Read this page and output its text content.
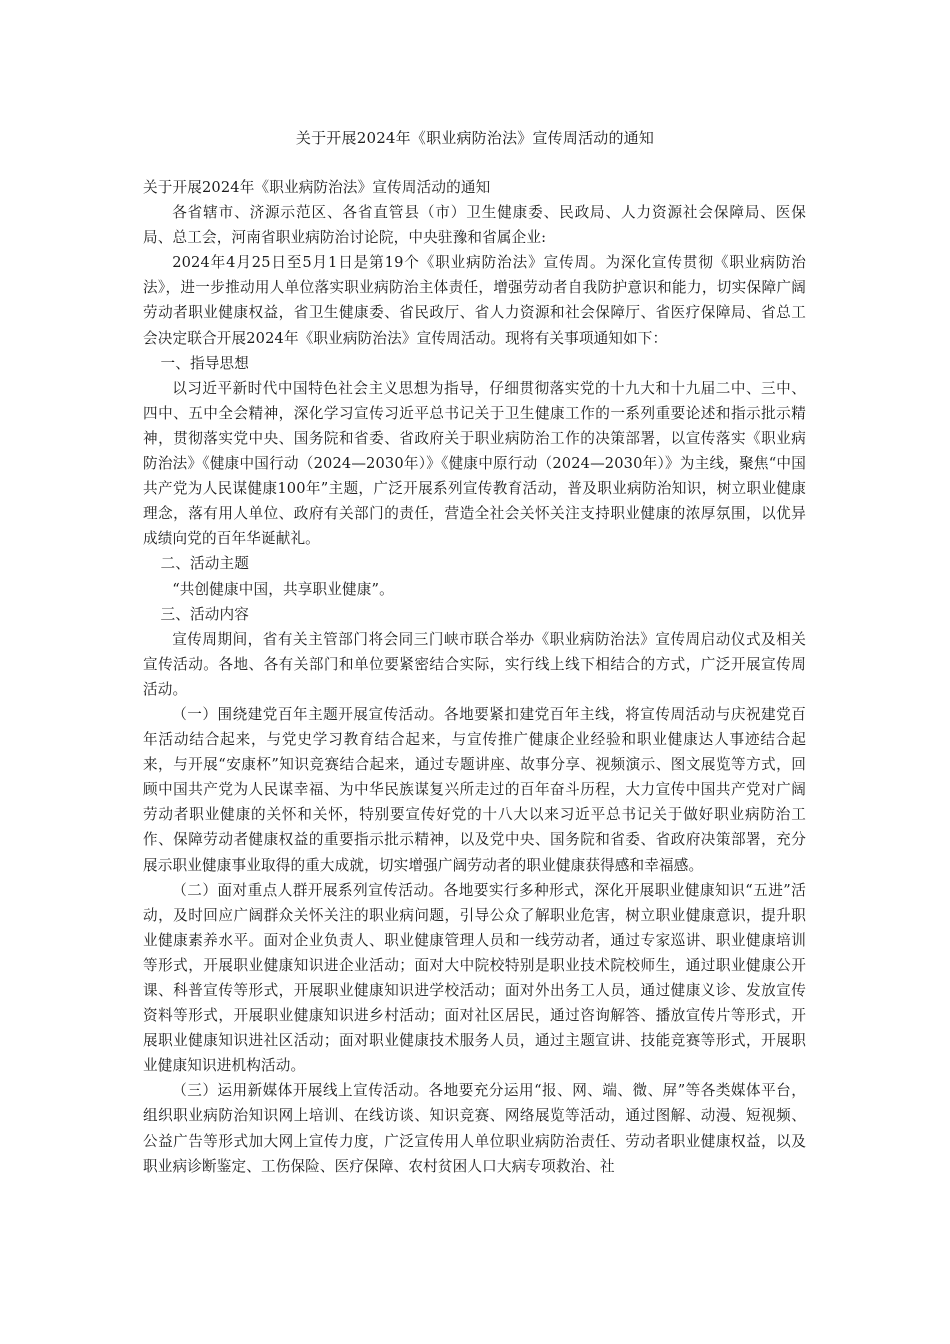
关于开展2024年《职业病防治法》宣传周活动的通知

关于开展2024年《职业病防治法》宣传周活动的通知

各省辖市、济源示范区、各省直管县（市）卫生健康委、民政局、人力资源社会保障局、医保局、总工会，河南省职业病防治讨论院，中央驻豫和省属企业:

2024年4月25日至5月1日是第19个《职业病防治法》宣传周。为深化宣传贯彻《职业病防治法》，进一步推动用人单位落实职业病防治主体责任，增强劳动者自我防护意识和能力，切实保障广阔劳动者职业健康权益，省卫生健康委、省民政厅、省人力资源和社会保障厅、省医疗保障局、省总工会决定联合开展2024年《职业病防治法》宣传周活动。现将有关事项通知如下：

一、指导思想

以习近平新时代中国特色社会主义思想为指导，仔细贯彻落实党的十九大和十九届二中、三中、四中、五中全会精神，深化学习宣传习近平总书记关于卫生健康工作的一系列重要论述和指示批示精神，贯彻落实党中央、国务院和省委、省政府关于职业病防治工作的决策部署，以宣传落实《职业病防治法》《健康中国行动（2024—2030年）》《健康中原行动（2024—2030年）》为主线，聚焦“中国共产党为人民谋健康100年”主题，广泛开展系列宣传教育活动，普及职业病防治知识，树立职业健康理念，落有用人单位、政府有关部门的责任，营造全社会关怀关注支持职业健康的浓厚氛围，以优异成绩向党的百年华诞献礼。

二、活动主题

“共创健康中国，共享职业健康”。

三、活动内容

宣传周期间，省有关主管部门将会同三门峡市联合举办《职业病防治法》宣传周启动仪式及相关宣传活动。各地、各有关部门和单位要紧密结合实际，实行线上线下相结合的方式，广泛开展宣传周活动。

（一）围绕建党百年主题开展宣传活动。各地要紧扣建党百年主线，将宣传周活动与庆祝建党百年活动结合起来，与党史学习教育结合起来，与宣传推广健康企业经验和职业健康达人事迹结合起来，与开展“安康杯”知识竞赛结合起来，通过专题讲座、故事分享、视频演示、图文展览等方式，回顾中国共产党为人民谋幸福、为中华民族谋复兴所走过的百年奋斗历程，大力宣传中国共产党对广阔劳动者职业健康的关怀和关怀，特别要宣传好党的十八大以来习近平总书记关于做好职业病防治工作、保障劳动者健康权益的重要指示批示精神，以及党中央、国务院和省委、省政府决策部署，充分展示职业健康事业取得的重大成就，切实增强广阔劳动者的职业健康获得感和幸福感。

（二）面对重点人群开展系列宣传活动。各地要实行多种形式，深化开展职业健康知识“五进”活动，及时回应广阔群众关怀关注的职业病问题，引导公众了解职业危害，树立职业健康意识，提升职业健康素养水平。面对企业负责人、职业健康管理人员和一线劳动者，通过专家巡讲、职业健康培训等形式，开展职业健康知识进企业活动；面对大中院校特别是职业技术院校师生，通过职业健康公开课、科普宣传等形式，开展职业健康知识进学校活动；面对外出务工人员，通过健康义诊、发放宣传资料等形式，开展职业健康知识进乡村活动；面对社区居民，通过咨询解答、播放宣传片等形式，开展职业健康知识进社区活动；面对职业健康技术服务人员，通过主题宣讲、技能竞赛等形式，开展职业健康知识进机构活动。

（三）运用新媒体开展线上宣传活动。各地要充分运用“报、网、端、微、屏”等各类媒体平台，组织职业病防治知识网上培训、在线访谈、知识竞赛、网络展览等活动，通过图解、动漫、短视频、公益广告等形式加大网上宣传力度，广泛宣传用人单位职业病防治责任、劳动者职业健康权益，以及职业病诊断鉴定、工伤保险、医疗保障、农村贫困人口大病专项救治、社
